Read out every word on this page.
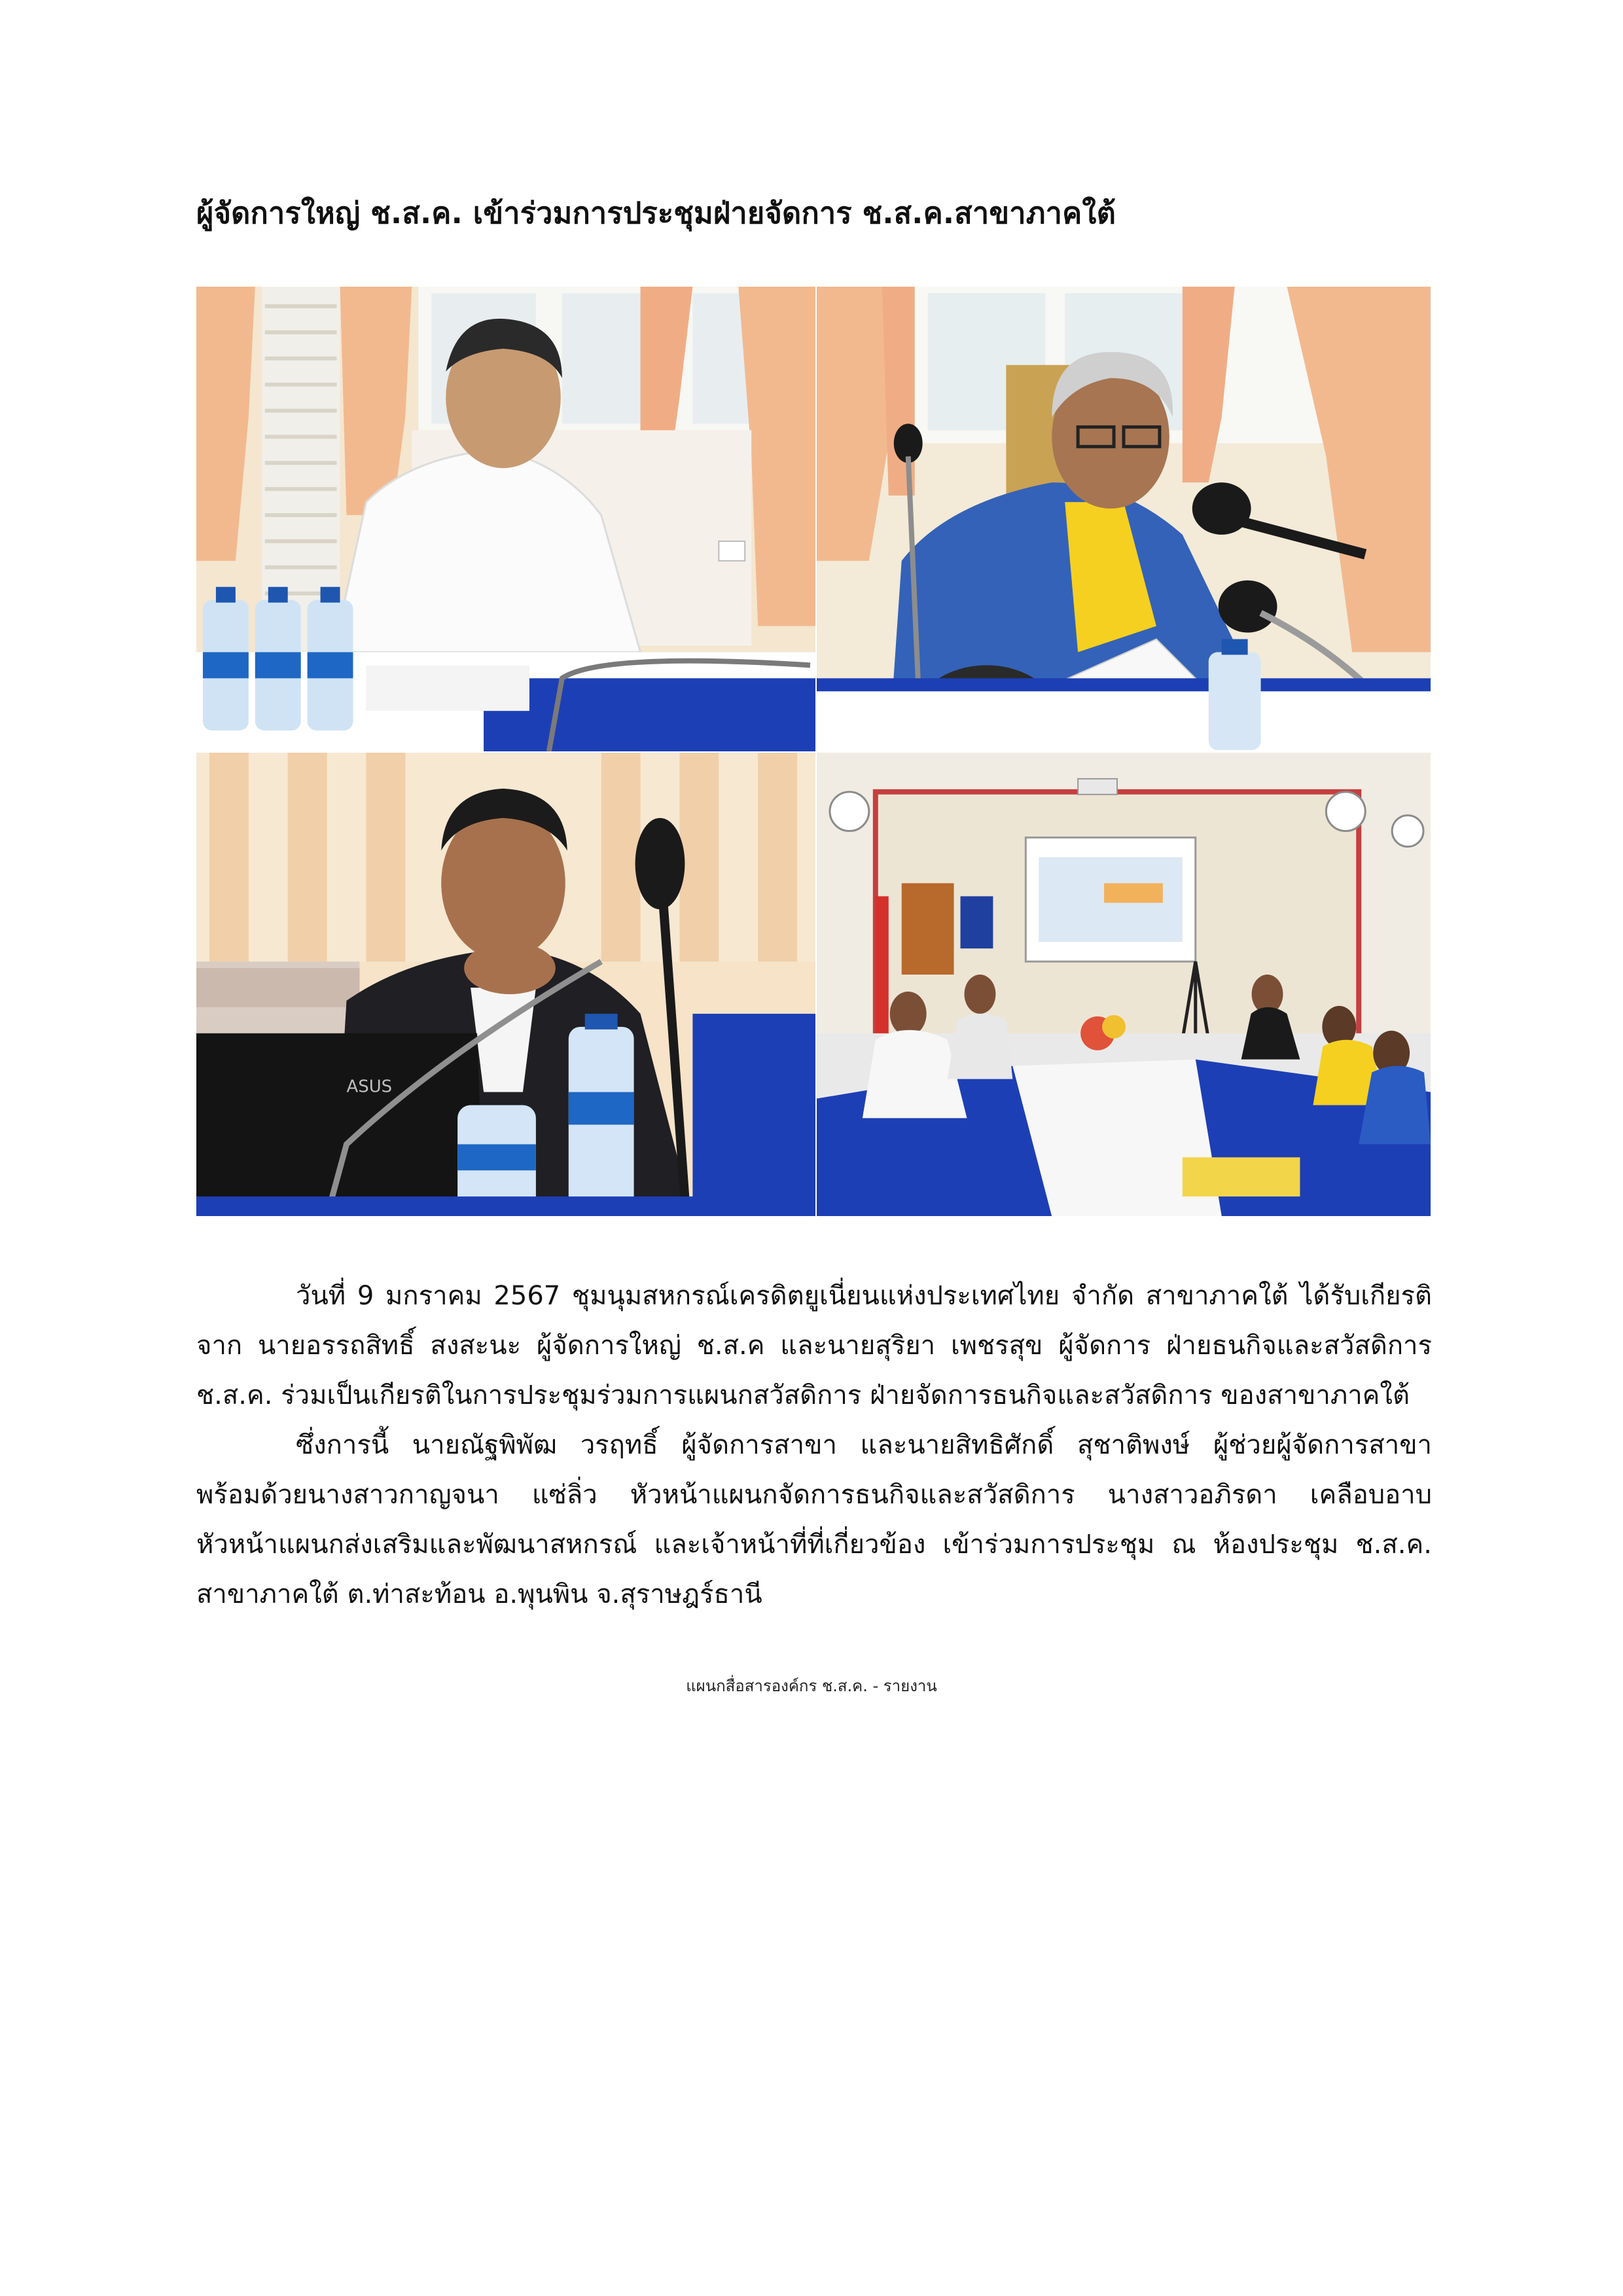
ผู้จัดการใหญ่ ช.ส.ค. เข้าร่วมการประชุมฝ่ายจัดการ ช.ส.ค.สาขาภาคใต้
ASUS

วันที่ 9 มกราคม 2567 ชุมนุมสหกรณ์เครดิตยูเนี่ยนแห่งประเทศไทย จำกัด สาขาภาคใต้ ได้รับเกียรติ
จาก นายอรรถสิทธิ์ สงสะนะ ผู้จัดการใหญ่ ช.ส.ค และนายสุริยา เพชรสุข ผู้จัดการ ฝ่ายธนกิจและสวัสดิการ
ช.ส.ค. ร่วมเป็นเกียรติในการประชุมร่วมการแผนกสวัสดิการ ฝ่ายจัดการธนกิจและสวัสดิการ ของสาขาภาคใต้

ซึ่งการนี้ นายณัฐพิพัฒ วรฤทธิ์ ผู้จัดการสาขา และนายสิทธิศักดิ์ สุชาติพงษ์ ผู้ช่วยผู้จัดการสาขา
พร้อมด้วยนางสาวกาญจนา แซ่ลิ่ว หัวหน้าแผนกจัดการธนกิจและสวัสดิการ นางสาวอภิรดา เคลือบอาบ
หัวหน้าแผนกส่งเสริมและพัฒนาสหกรณ์ และเจ้าหน้าที่ที่เกี่ยวข้อง เข้าร่วมการประชุม ณ ห้องประชุม ช.ส.ค.
สาขาภาคใต้ ต.ท่าสะท้อน อ.พุนพิน จ.สุราษฎร์ธานี

แผนกสื่อสารองค์กร ช.ส.ค. - รายงาน
